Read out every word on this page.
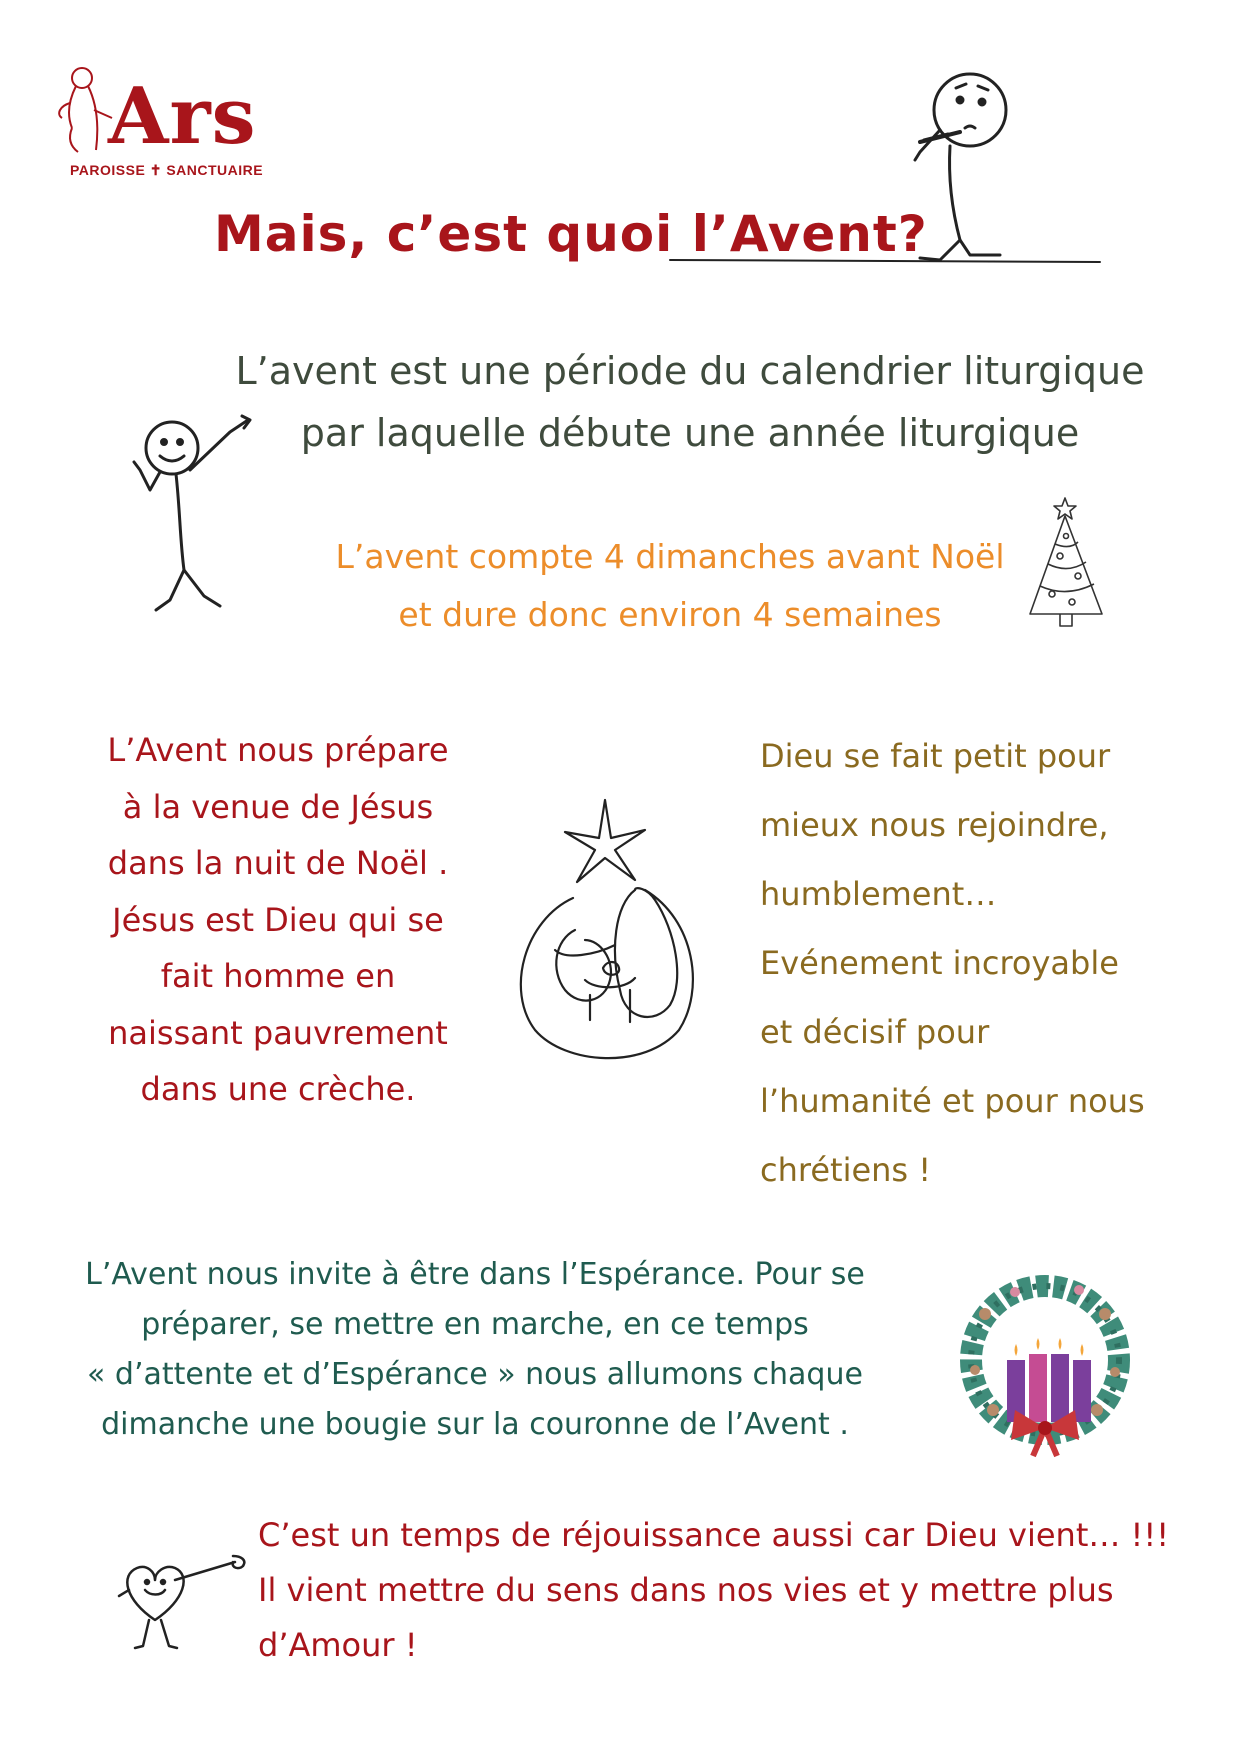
Ars
PAROISSE ✝ SANCTUAIRE
Mais, c’est quoi l’Avent?
L’avent est une période du calendrier liturgique
par laquelle débute une année liturgique
L’avent compte 4 dimanches avant Noël
et dure donc environ 4 semaines
L’Avent nous prépare
à la venue de Jésus
dans la nuit de Noël .
Jésus est Dieu qui se
fait homme en
naissant pauvrement
dans une crèche.
Dieu se fait petit pour
mieux nous rejoindre,
humblement…
Evénement incroyable
et décisif pour
l’humanité et pour nous
chrétiens !
L’Avent nous invite à être dans l’Espérance. Pour se
préparer, se mettre en marche, en ce temps
« d’attente et d’Espérance » nous allumons chaque
dimanche une bougie sur la couronne de l’Avent .
C’est un temps de réjouissance aussi car Dieu vient… !!!
Il vient mettre du sens dans nos vies et y mettre plus
d’Amour !
